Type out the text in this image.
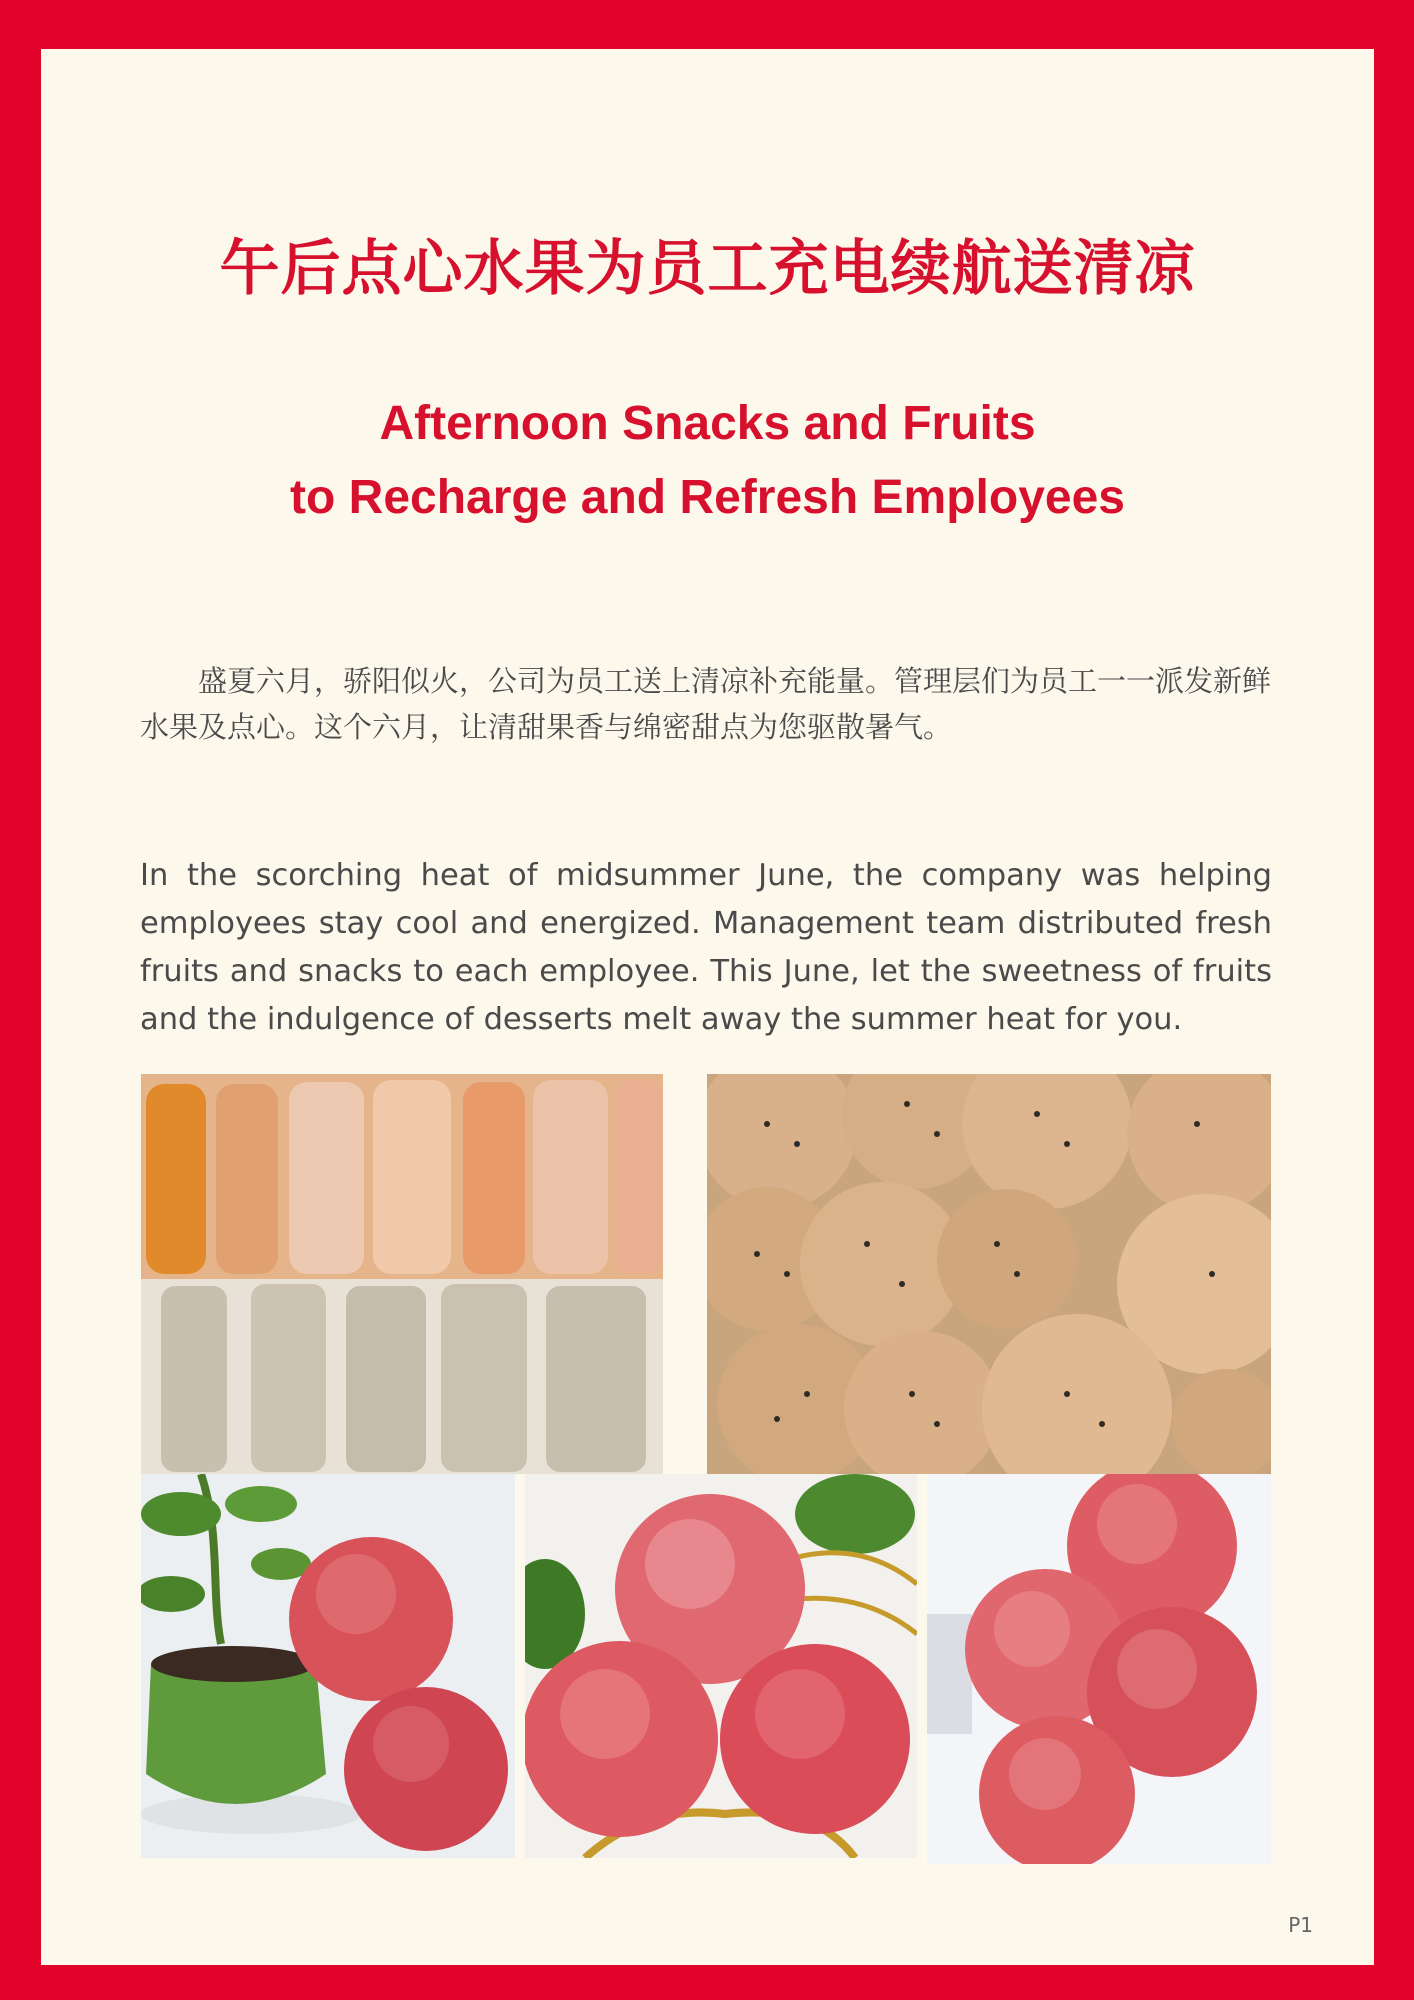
午后点心水果为员工充电续航送清凉
Afternoon Snacks and Fruits
to Recharge and Refresh Employees

盛夏六月，骄阳似火，公司为员工送上清凉补充能量。管理层们为员工一一派发新鲜水果及点心。这个六月，让清甜果香与绵密甜点为您驱散暑气。

In the scorching heat of midsummer June, the company was helping employees stay cool and energized. Management team distributed fresh fruits and snacks to each employee. This June, let the sweetness of fruits and the indulgence of desserts melt away the summer heat for you.

P1
